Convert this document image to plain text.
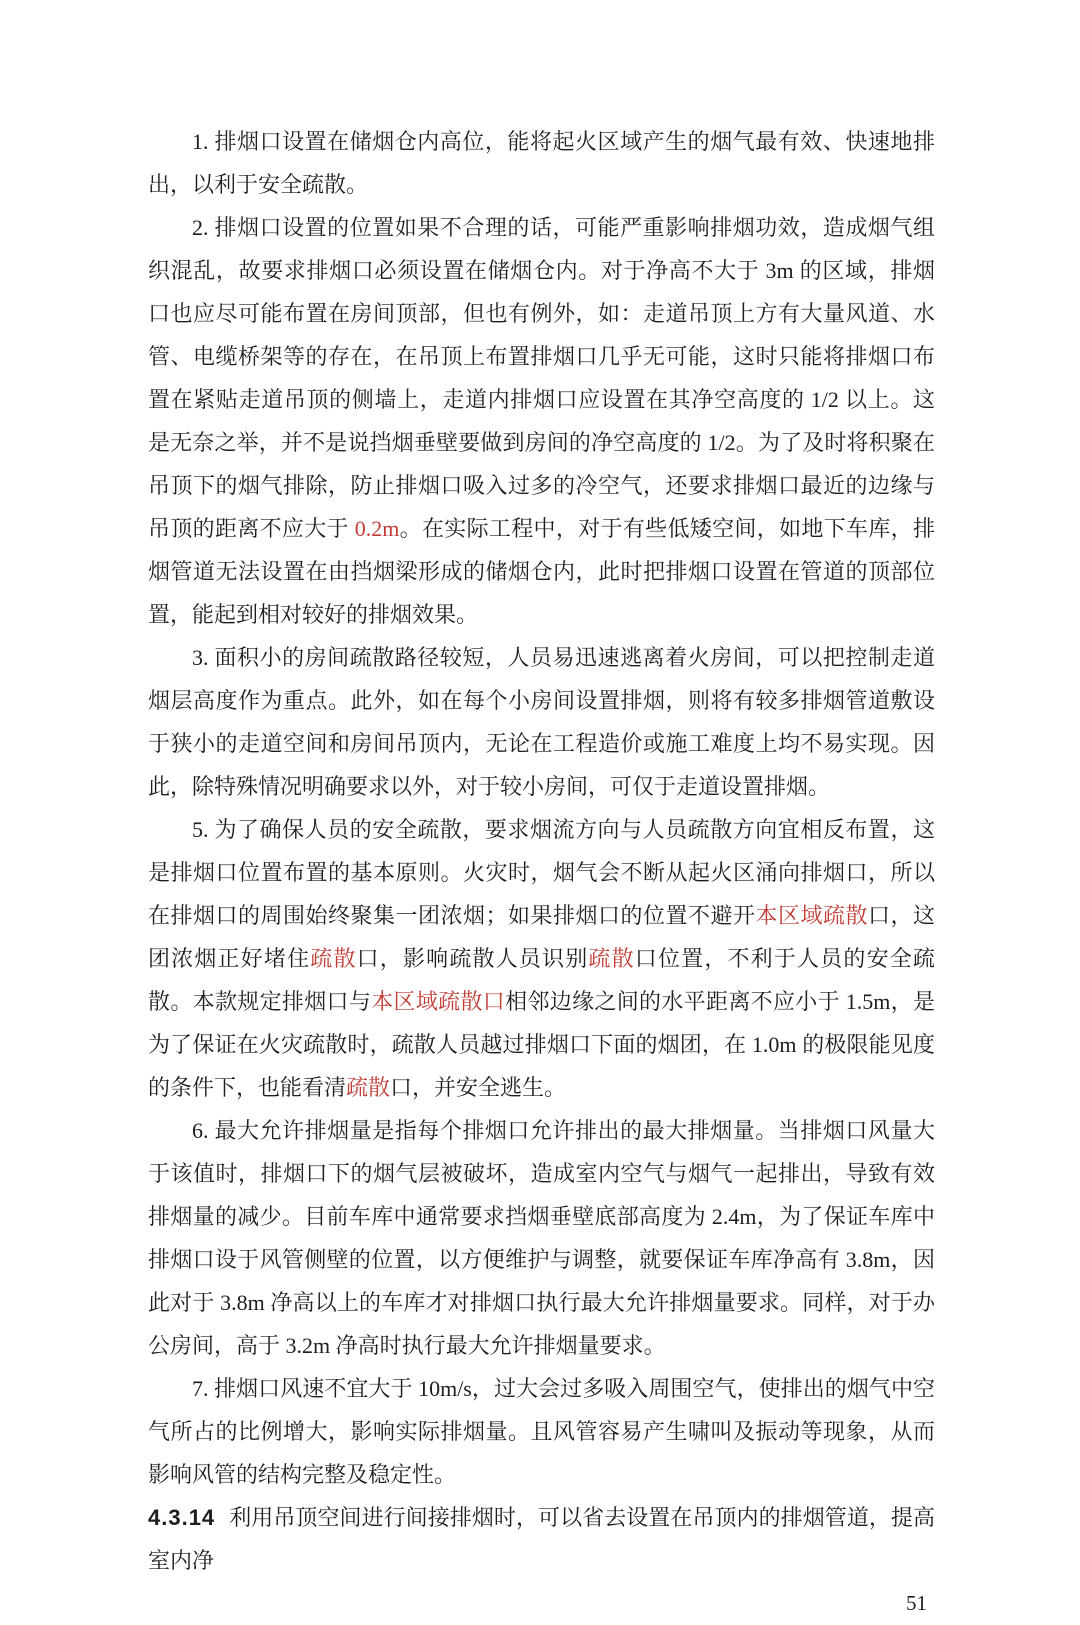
1. 排烟口设置在储烟仓内高位，能将起火区域产生的烟气最有效、快速地排出，以利于安全疏散。
2. 排烟口设置的位置如果不合理的话，可能严重影响排烟功效，造成烟气组织混乱，故要求排烟口必须设置在储烟仓内。对于净高不大于 3m 的区域，排烟口也应尽可能布置在房间顶部，但也有例外，如：走道吊顶上方有大量风道、水管、电缆桥架等的存在，在吊顶上布置排烟口几乎无可能，这时只能将排烟口布置在紧贴走道吊顶的侧墙上，走道内排烟口应设置在其净空高度的 1/2 以上。这是无奈之举，并不是说挡烟垂壁要做到房间的净空高度的 1/2。为了及时将积聚在吊顶下的烟气排除，防止排烟口吸入过多的冷空气，还要求排烟口最近的边缘与吊顶的距离不应大于 0.2m。在实际工程中，对于有些低矮空间，如地下车库，排烟管道无法设置在由挡烟梁形成的储烟仓内，此时把排烟口设置在管道的顶部位置，能起到相对较好的排烟效果。
3. 面积小的房间疏散路径较短，人员易迅速逃离着火房间，可以把控制走道烟层高度作为重点。此外，如在每个小房间设置排烟，则将有较多排烟管道敷设于狭小的走道空间和房间吊顶内，无论在工程造价或施工难度上均不易实现。因此，除特殊情况明确要求以外，对于较小房间，可仅于走道设置排烟。
5. 为了确保人员的安全疏散，要求烟流方向与人员疏散方向宜相反布置，这是排烟口位置布置的基本原则。火灾时，烟气会不断从起火区涌向排烟口，所以在排烟口的周围始终聚集一团浓烟；如果排烟口的位置不避开本区域疏散口，这团浓烟正好堵住疏散口，影响疏散人员识别疏散口位置，不利于人员的安全疏散。本款规定排烟口与本区域疏散口相邻边缘之间的水平距离不应小于 1.5m，是为了保证在火灾疏散时，疏散人员越过排烟口下面的烟团，在 1.0m 的极限能见度的条件下，也能看清疏散口，并安全逃生。
6. 最大允许排烟量是指每个排烟口允许排出的最大排烟量。当排烟口风量大于该值时，排烟口下的烟气层被破坏，造成室内空气与烟气一起排出，导致有效排烟量的减少。目前车库中通常要求挡烟垂壁底部高度为 2.4m，为了保证车库中排烟口设于风管侧壁的位置，以方便维护与调整，就要保证车库净高有 3.8m，因此对于 3.8m 净高以上的车库才对排烟口执行最大允许排烟量要求。同样，对于办公房间，高于 3.2m 净高时执行最大允许排烟量要求。
7. 排烟口风速不宜大于 10m/s，过大会过多吸入周围空气，使排出的烟气中空气所占的比例增大，影响实际排烟量。且风管容易产生啸叫及振动等现象，从而影响风管的结构完整及稳定性。
4.3.14 利用吊顶空间进行间接排烟时，可以省去设置在吊顶内的排烟管道，提高室内净
51
